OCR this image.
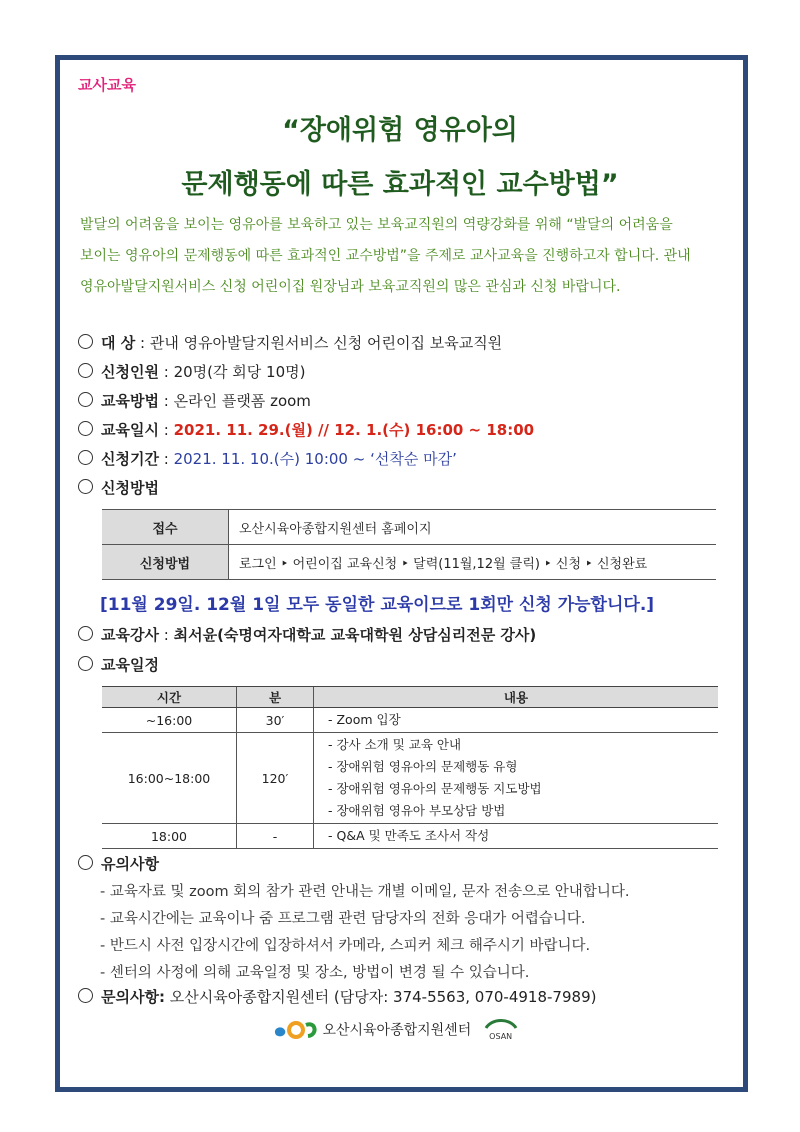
교사교육
“장애위험 영유아의
문제행동에 따른 효과적인 교수방법”
발달의 어려움을 보이는 영유아를 보육하고 있는 보육교직원의 역량강화를 위해 “발달의 어려움을
보이는 영유아의 문제행동에 따른 효과적인 교수방법”을 주제로 교사교육을 진행하고자 합니다. 관내
영유아발달지원서비스 신청 어린이집 원장님과 보육교직원의 많은 관심과 신청 바랍니다.
대 상 : 관내 영유아발달지원서비스 신청 어린이집 보육교직원
신청인원 : 20명(각 회당 10명)
교육방법 : 온라인 플랫폼 zoom
교육일시 : 2021. 11. 29.(월) // 12. 1.(수) 16:00 ~ 18:00
신청기간 : 2021. 11. 10.(수) 10:00 ~ ‘선착순 마감’
신청방법
접수	오산시육아종합지원센터 홈페이지
신청방법	로그인 ‣ 어린이집 교육신청 ‣ 달력(11월,12월 클릭) ‣ 신청 ‣ 신청완료
[11월 29일. 12월 1일 모두 동일한 교육이므로 1회만 신청 가능합니다.]
교육강사 : 최서윤(숙명여자대학교 교육대학원 상담심리전문 강사)
교육일정
시간	분	내용
~16:00	30′	- Zoom 입장

16:00~18:00	120′	- 강사 소개 및 교육 안내
- 장애위험 영유아의 문제행동 유형
- 장애위험 영유아의 문제행동 지도방법
- 장애위험 영유아 부모상담 방법

18:00	-	- Q&A 및 만족도 조사서 작성
유의사항
- 교육자료 및 zoom 회의 참가 관련 안내는 개별 이메일, 문자 전송으로 안내합니다.
- 교육시간에는 교육이나 줌 프로그램 관련 담당자의 전화 응대가 어렵습니다.
- 반드시 사전 입장시간에 입장하셔서 카메라, 스피커 체크 해주시기 바랍니다.
- 센터의 사정에 의해 교육일정 및 장소, 방법이 변경 될 수 있습니다.
문의사항: 오산시육아종합지원센터 (담당자: 374-5563, 070-4918-7989)
오산시육아종합지원센터	OSAN
